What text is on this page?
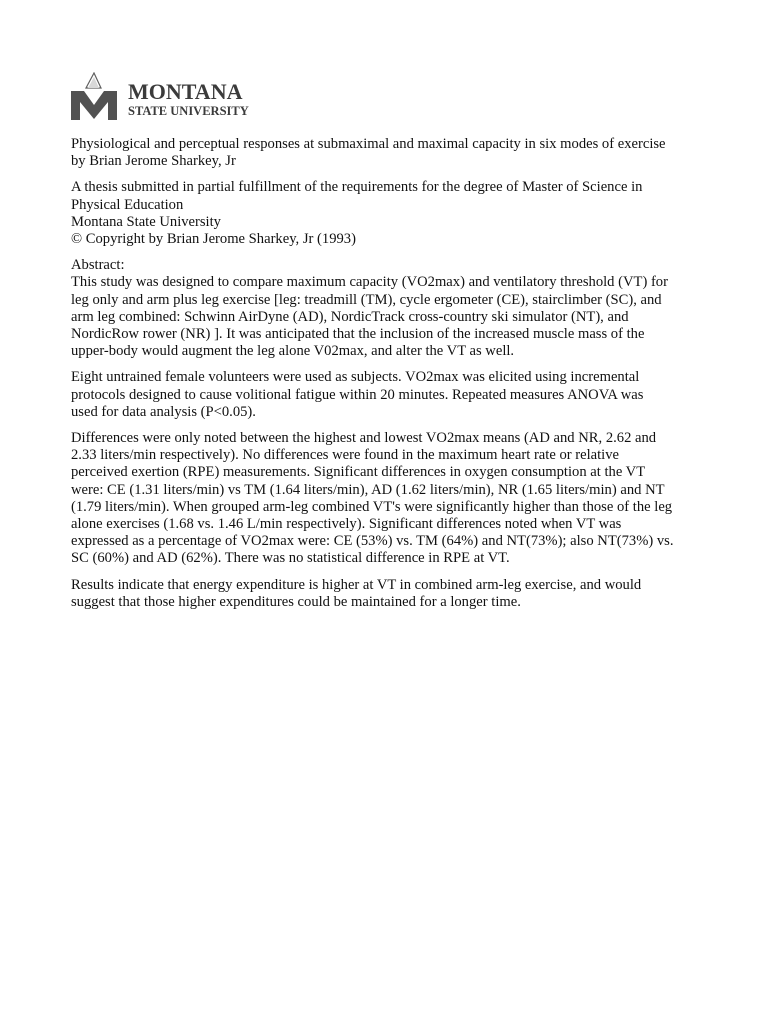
MONTANA
STATE UNIVERSITY
Physiological and perceptual responses at submaximal and maximal capacity in six modes of exercise
by Brian Jerome Sharkey, Jr
A thesis submitted in partial fulfillment of the requirements for the degree of Master of Science in
Physical Education
Montana State University
© Copyright by Brian Jerome Sharkey, Jr (1993)
Abstract:
This study was designed to compare maximum capacity (VO2max) and ventilatory threshold (VT) for
leg only and arm plus leg exercise [leg: treadmill (TM), cycle ergometer (CE), stairclimber (SC), and
arm leg combined: Schwinn AirDyne (AD), NordicTrack cross-country ski simulator (NT), and
NordicRow rower (NR) ]. It was anticipated that the inclusion of the increased muscle mass of the
upper-body would augment the leg alone V02max, and alter the VT as well.
Eight untrained female volunteers were used as subjects. VO2max was elicited using incremental
protocols designed to cause volitional fatigue within 20 minutes. Repeated measures ANOVA was
used for data analysis (P<0.05).
Differences were only noted between the highest and lowest VO2max means (AD and NR, 2.62 and
2.33 liters/min respectively). No differences were found in the maximum heart rate or relative
perceived exertion (RPE) measurements. Significant differences in oxygen consumption at the VT
were: CE (1.31 liters/min) vs TM (1.64 liters/min), AD (1.62 liters/min), NR (1.65 liters/min) and NT
(1.79 liters/min). When grouped arm-leg combined VT's were significantly higher than those of the leg
alone exercises (1.68 vs. 1.46 L/min respectively). Significant differences noted when VT was
expressed as a percentage of VO2max were: CE (53%) vs. TM (64%) and NT(73%); also NT(73%) vs.
SC (60%) and AD (62%). There was no statistical difference in RPE at VT.
Results indicate that energy expenditure is higher at VT in combined arm-leg exercise, and would
suggest that those higher expenditures could be maintained for a longer time.
